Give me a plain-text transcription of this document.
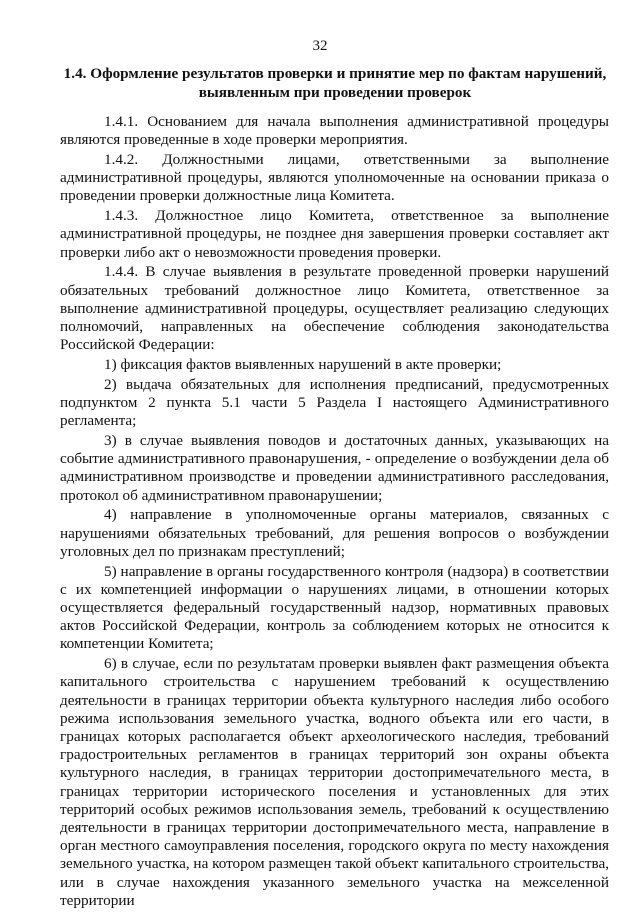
32
1.4. Оформление результатов проверки и принятие мер по фактам нарушений,
выявленным при проведении проверок

1.4.1. Основанием для начала выполнения административной процедуры являются проведенные в ходе проверки мероприятия.

1.4.2. Должностными лицами, ответственными за выполнение административной процедуры, являются уполномоченные на основании приказа о проведении проверки должностные лица Комитета.

1.4.3. Должностное лицо Комитета, ответственное за выполнение административной процедуры, не позднее дня завершения проверки составляет акт проверки либо акт о невозможности проведения проверки.

1.4.4. В случае выявления в результате проведенной проверки нарушений обязательных требований должностное лицо Комитета, ответственное за выполнение административной процедуры, осуществляет реализацию следующих полномочий, направленных на обеспечение соблюдения законодательства Российской Федерации:

1) фиксация фактов выявленных нарушений в акте проверки;

2) выдача обязательных для исполнения предписаний, предусмотренных подпунктом 2 пункта 5.1 части 5 Раздела I настоящего Административного регламента;

3) в случае выявления поводов и достаточных данных, указывающих на событие административного правонарушения, - определение о возбуждении дела об административном производстве и проведении административного расследования, протокол об административном правонарушении;

4) направление в уполномоченные органы материалов, связанных с нарушениями обязательных требований, для решения вопросов о возбуждении уголовных дел по признакам преступлений;

5) направление в органы государственного контроля (надзора) в соответствии с их компетенцией информации о нарушениях лицами, в отношении которых осуществляется федеральный государственный надзор, нормативных правовых актов Российской Федерации, контроль за соблюдением которых не относится к компетенции Комитета;

6) в случае, если по результатам проверки выявлен факт размещения объекта капитального строительства с нарушением требований к осуществлению деятельности в границах территории объекта культурного наследия либо особого режима использования земельного участка, водного объекта или его части, в границах которых располагается объект археологического наследия, требований градостроительных регламентов в границах территорий зон охраны объекта культурного наследия, в границах территории достопримечательного места, в границах территории исторического поселения и установленных для этих территорий особых режимов использования земель, требований к осуществлению деятельности в границах территории достопримечательного места, направление в орган местного самоуправления поселения, городского округа по месту нахождения земельного участка, на котором размещен такой объект капитального строительства, или в случае нахождения указанного земельного участка на межселенной территории
